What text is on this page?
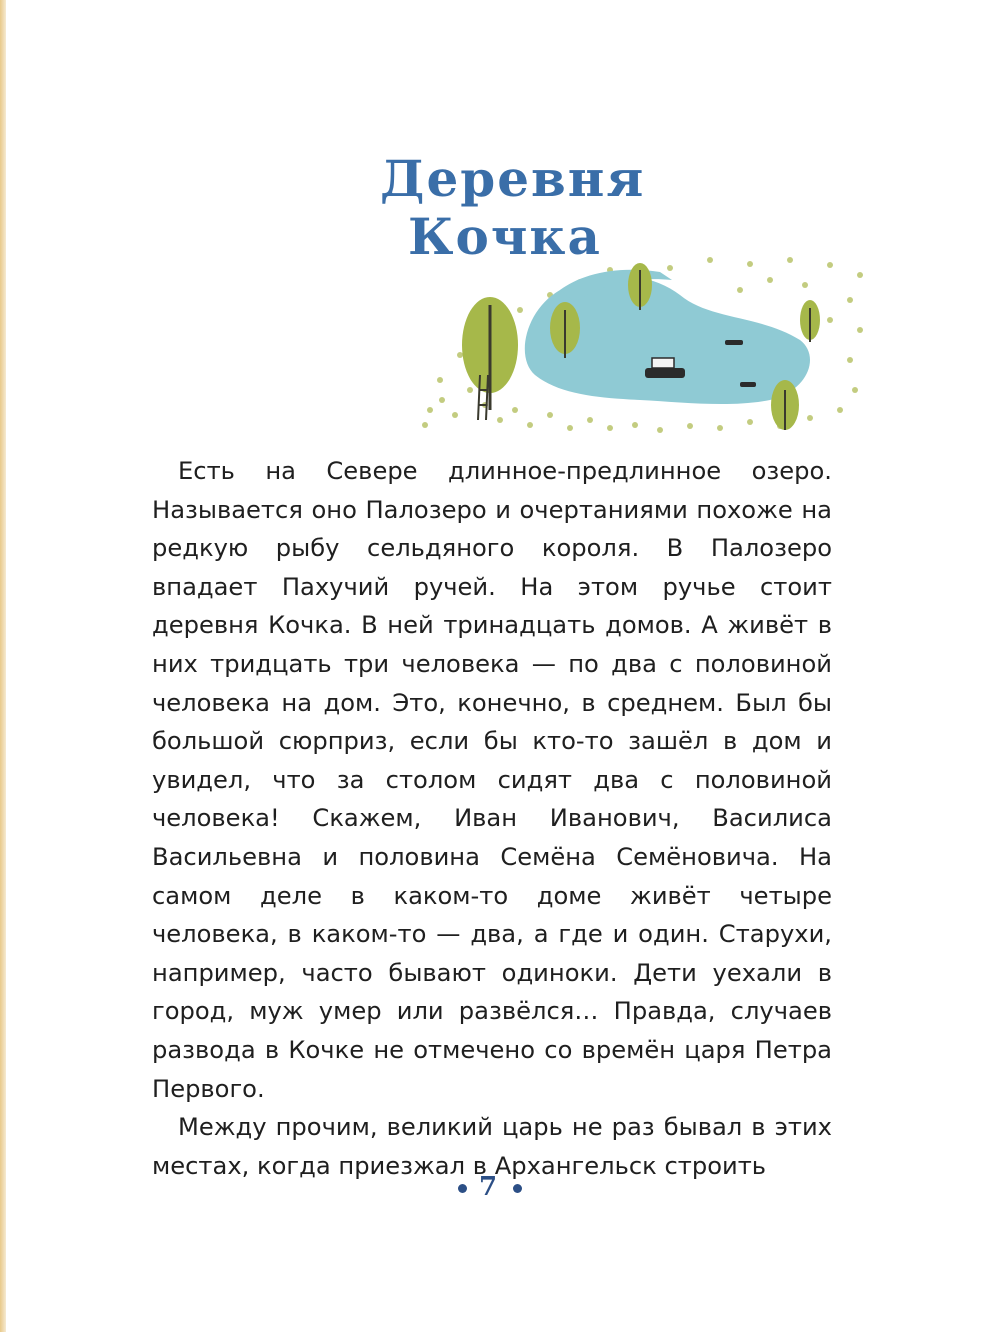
Деревня
Кочка

Есть на Севере длинное-предлинное озеро. Называется оно Палозеро и очертаниями похоже на редкую рыбу сельдяного короля. В Палозеро впадает Пахучий ручей. На этом ручье стоит деревня Кочка. В ней тринадцать домов. А живёт в них тридцать три человека — по два с половиной человека на дом. Это, конечно, в среднем. Был бы большой сюрприз, если бы кто-то зашёл в дом и увидел, что за столом сидят два с половиной человека! Скажем, Иван Иванович, Василиса Васильевна и половина Семёна Семёновича. На самом деле в каком-то доме живёт четыре человека, в каком-то — два, а где и один. Старухи, например, часто бывают одиноки. Дети уехали в город, муж умер или развёлся… Правда, случаев развода в Кочке не отмечено со времён царя Петра Первого.

Между прочим, великий царь не раз бывал в этих местах, когда приезжал в Архангельск строить

7
